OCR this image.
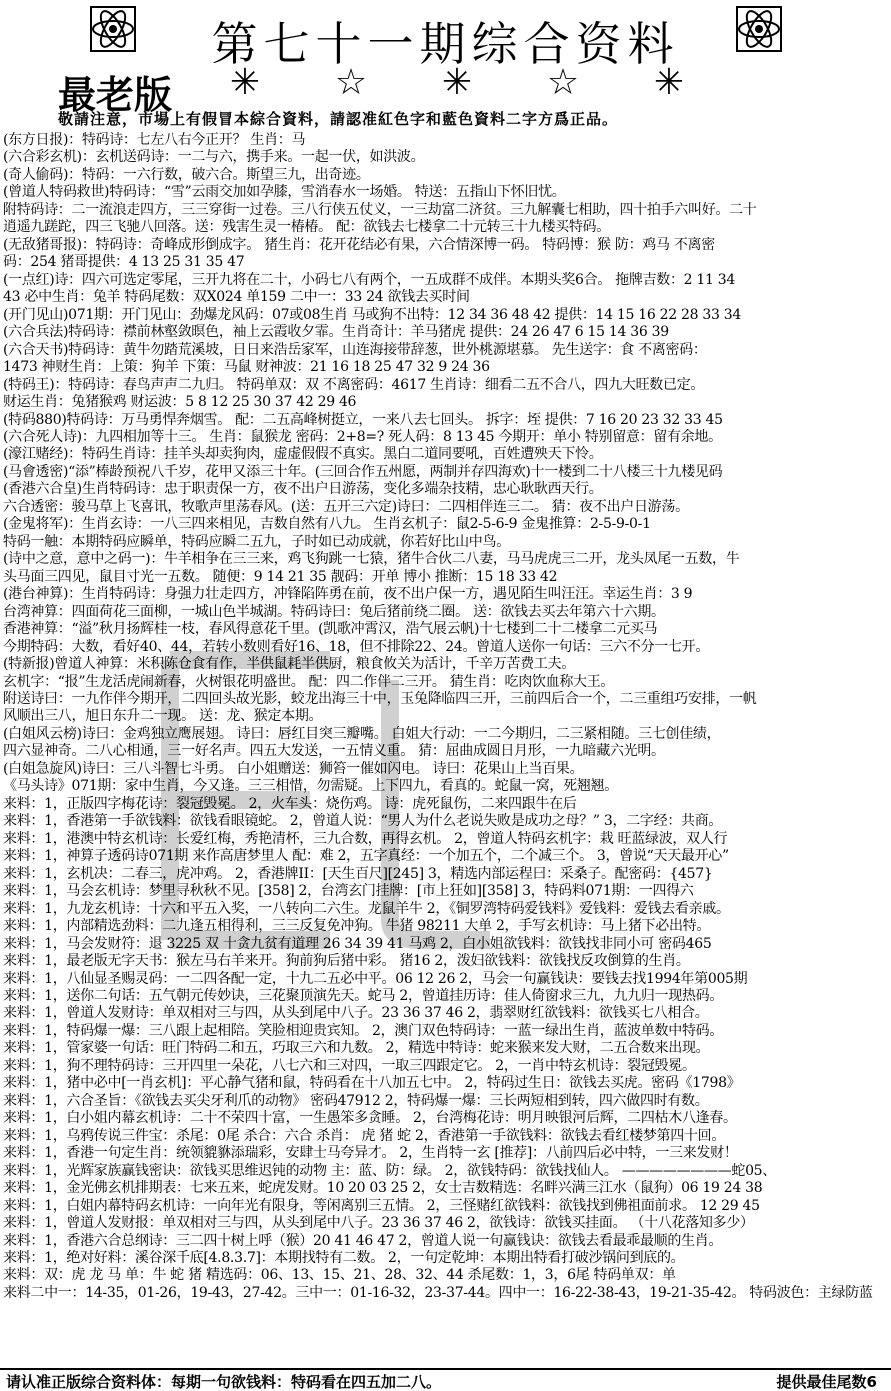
第七十一期综合资料
最老版 ✳ ☆ ✳ ☆ ✳
敬請注意，市場上有假冒本綜合資料，請認准紅色字和藍色資料二字方爲正品。
(东方日报)：特码诗：七左八右今正开？ 生肖：马
(六合彩玄机)：玄机送码诗：一二与六，携手来。一起一伏，如洪波。
(奇人偷码)：特码：一六行数，破六合。斯望三九，出奇迹。
(曾道人特码救世)特码诗：“雪”云雨交加如孕膝，雪消春水一场婚。 特送：五指山下怀旧忧。
附特码诗：二一流浪走四方，三三穿街一过卷。三八行侠五仗义，一三劫富二济贫。三九解囊七相助，四十拍手六叫好。二十
逍遥九蹉跎，四三飞驰八回落。送：残害生灵一椿椿。 配：欲钱去七楼拿二十元转三十九楼买特码。
(无敌猪哥报)：特码诗：奇峰成形倒成字。 猪生肖：花开花结必有果，六合情深博一码。 特码博：猴 防：鸡马 不离密
码：254 猪哥提供：4 13 25 31 35 47
(一点红)诗：四六可选定零尾，三开九将在二十，小码七八有两个，一五成群不成伴。本期头奖6合。 拖牌吉数：2 11 34
43 必中生肖：兔羊 特码尾数：双X024 单159 二中一：33 24 欲钱去买时间
(开门见山)071期：开门见山：劲爆龙风码：07或08生肖 马或狗不出特：12 34 36 48 42 提供：14 15 16 22 28 33 34
(六合兵法)特码诗：襟前林壑敛暝色，袖上云霞收夕霏。生肖奇计：羊马猪虎 提供：24 26 47 6 15 14 36 39
(六合天书)特码诗：黄牛勿踏荒溪坡，日日来浩岳家军，山连海接带辞葱，世外桃源堪慕。 先生送字：食 不离密码：
1473 神财生肖：上策：狗羊 下策：马鼠 财神波：21 16 18 25 47 32 9 24 36
(特码王)：特码诗：春鸟声声二九归。 特码单双：双 不离密码：4617 生肖诗：细看二五不合八，四九大旺数已定。
财运生肖：兔猪猴鸡 财运波：5 8 12 25 30 37 42 29 46
(特码880)特码诗：万马勇悍奔烟雪。 配：二五高峰树挺立，一来八去七回头。 拆字：垤 提供：7 16 20 23 32 33 45
(六合死人诗)：九四相加等十三。 生肖：鼠猴龙 密码：2+8=? 死人码：8 13 45 今期开：单小 特别留意：留有余地。
(濠江赌经)：特码生肖诗：挂羊头却卖狗肉，虚虚假假不真实。黑白二道同要吼，百姓遭殃天下怜。
(马會透密)“添”棒龄预祝八千岁，花甲又添三十年。(三回合作五州愿，两制并存四海欢)十一楼到二十八楼三十九楼见码
(香港六合皇)生肖特码诗：忠于职责保一方，夜不出户日游荡，变化多端杂技精，忠心耿耿西天行。
六合透密：骏马草上飞喜讯，牧歌声里荡春风。(送：五开三六定)诗曰：二四相伴连三二。 猜：夜不出户日游荡。
(金鬼将军)：生肖玄诗：一八三四来相见，吉数自然有八九。 生肖玄机子：鼠2-5-6-9 金鬼推算：2-5-9-0-1
特码一触：本期特码应瞬单，特码应瞬二五九，子时如已动成就，你若好比山中鸟。
(诗中之意，意中之码一)：牛羊相争在三三来，鸡飞狗跳一七猿，猪牛合伙二八妻，马马虎虎三二开，龙头凤尾一五数，牛
头马面三四见，鼠目寸光一五数。 随便：9 14 21 35 靓码：开单 博小 推断：15 18 33 42
(港台神算)：生肖特码诗：身强力壮走四方，冲锋陷阵勇在前，夜不出户保一方，遇见陌生叫汪汪。幸运生肖：3 9
台湾神算：四面荷花三面柳，一城山色半城湖。特码诗曰：兔后猪前绕二圈。 送：欲钱去买去年第六十六期。
香港神算：“溢”秋月扬辉桂一枝，春风得意花千里。(凯歌冲霄汉，浩气展云帆)十七楼到二十二楼拿二元买马
今期特码：大数，看好40、44，若转小数则看好16、18，但不排除22、24。曾道人送你一句话：三六不分一七开。
(特新报)曾道人神算：米积陈仓食有作，半供鼠耗半供厨，粮食攸关为活计，千辛万苦费工夫。
玄机字：“报”生龙活虎闹新春，火树银花明盛世。 配：四二作伴二三开。 猜生肖：吃肉饮血称大王。
附送诗曰：一九作伴今期开，二四回头故光影，蛟龙出海三十中，玉兔降临四三开，三前四后合一个，二三重组巧安排，一帆
风顺出三八，旭日东升二一现。 送：龙、猴定本期。
(白姐风云榜)诗曰：金鸡独立鹰展翅。 诗曰：唇红目突三瓣嘴。 白姐大行动：一二今期归，二三紧相随。三七创佳绩，
四六显神奇。二八心相通，三一好名声。四五大发送，一五情义重。 猜：屈曲成圆日月形，一九暗藏六光明。
(白姐急旋风)诗曰：三八斗智七斗勇。 白小姐赠送：狮笞一催如闪电。 诗曰：花果山上当百果。
《马头诗》071期：家中生肖，今又逢。三三相惜，勿需疑。上下四九，看真的。蛇鼠一窝，死翘翘。
来料：1，正版四字梅花诗：裂冠毁冕。 2，火车头：烧伤鸡。 诗：虎死鼠伤，二来四跟牛在后
来料：1，香港第一手欲钱料：欲钱看眼镜蛇。 2，曾道人说：“男人为什么老说失败是成功之母？” 3，二字经：共商。
来料：1，港澳中特玄机诗：长爱红梅，秀艳清杯，三九合数，再得玄机。 2，曾道人特码玄机字：栽 旺蓝绿波，双人行
来料：1，神算子透码诗071期 来作高唐梦里人 配：难 2，五字真经：一个加五个，二个减三个。 3，曾说“天天最开心”
来料：1，玄机决：二春三，虎冲鸡。 2，香港牌II：[天生百尺][245] 3，精选内部运程曰：采桑子。配密码：{457}
来料：1，马会玄机诗：梦里寻秋秋不见。[358] 2，台湾玄门挂牌：[市上狂如][358] 3，特码料071期：一四得六
来料：1，九龙玄机诗：十六和平五入奖，一八转向二六生。龙鼠羊牛 2，《铜罗湾特码爱钱料》爱钱料：爱钱去看亲戚。
来料：1，内部精选劲料：二九逢五相得利，三三反复免冲狗。 牛猪 98211 大单 2，手写玄机诗：马上猪下必出特。
来料：1，马会发财符：退 3225 双 十贪九贫有道理 26 34 39 41 马鸡 2，白小姐欲钱料：欲钱找非同小可 密码465
来料：1，最老版无字天书：猴左马右羊来开。狗前狗后猪中彩。 猪16 2，泼妇欲钱料：欲钱找反攻倒算的生肖。
来料：1，八仙显圣赐灵码：一二四各配一定，十九二五必中平。06 12 26 2，马会一句赢钱诀：要钱去找1994年第005期
来料：1，送你二句话：五气朝元传妙诀，三花聚顶演先天。蛇马 2，曾道挂历诗：佳人倚窗求三九，九九归一现热码。
来料：1，曾道人发财诗：单双相对三与四，从头到尾中八子。23 36 37 46 2，翡翠财红欲钱料：欲钱买七八相合。
来料：1，特码爆一爆：三八跟上起相陪。笑脸相迎贵宾知。 2，澳门双色特码诗：一蓝一绿出生肖，蓝波单数中特码。
来料：1，管家婆一句话：旺门特码二和五，巧取三六和九数。 2，精选中特诗：蛇来猴来发大财，二五合数来出现。
来料：1，狗不理特码诗：三开四里一朵花，八七六和三对四，一取三四跟定它。 2，一肖中特玄机诗：裂冠毁冕。
来料：1，猪中必中[一肖玄机]：平心静气猪和鼠，特码看在十八加五七中。 2，特码过生日：欲钱去买虎。密码《1798》
来料：1，六合圣旨：《欲钱去买尖牙利爪的动物》 密码47912 2，特码爆一爆：三长两短相到转，四六做四时有数。
来料：1，白小姐内幕玄机诗：二十不荣四十富，一生愚笨多贪睡。 2，台湾梅花诗：明月映银河后辉，二四枯木八逢春。
来料：1，乌鸦传说三件宝：杀尾：0尾 杀合：六合 杀肖： 虎 猪 蛇 2，香港第一手欲钱料：欲钱去看红楼梦第四十回。
来料：1，香港一句定生肖：统领貔貅添瑞彩，安肆士马夸异才。 2，生肖特一玄 [推荐]：八前四后必中特，一三来发财！
来料：1，光辉家族赢钱密诀：欲钱买思维迟钝的动物 主：蓝、防：绿。 2，欲钱特码：欲钱找仙人。 ————————蛇05、
来料：1，金光佛玄机排期表：七来五来，蛇虎发财。10 20 03 25 2，女士吉数精选：名畔兴满三江水（鼠狗）06 19 24 38
来料：1，白姐内幕特码玄机诗：一向年光有限身，等闲离别三五情。 2，三怪赌红欲钱料：欲钱找到佛祖面前求。 12 29 45
来料：1，曾道人发财报：单双相对三与四，从头到尾中八子。23 36 37 46 2，欲钱诗：欲钱买挂面。 （十八花落知多少）
来料：1，香港六合总纲诗：三二四十树上呼（猴）20 41 46 47 2，曾道人说一句赢钱诀：欲钱去看最乖最顺的生肖。
来料：1，绝对好料：溪谷深千底[4.8.3.7]：本期找特有二数。 2，一句定乾坤：本期出特看打破沙锅问到底的。
来料：双：虎 龙 马 单：牛 蛇 猪 精选码：06、13、15、21、28、32、44 杀尾数：1，3，6尾 特码单双：单
来料二中一：14-35，01-26，19-43，27-42。三中一：01-16-32，23-37-44。四中一：16-22-38-43，19-21-35-42。 特码波色：主绿防蓝
请认准正版综合资料体：每期一句欲钱料：特码看在四五加二八。	提供最佳尾数6
